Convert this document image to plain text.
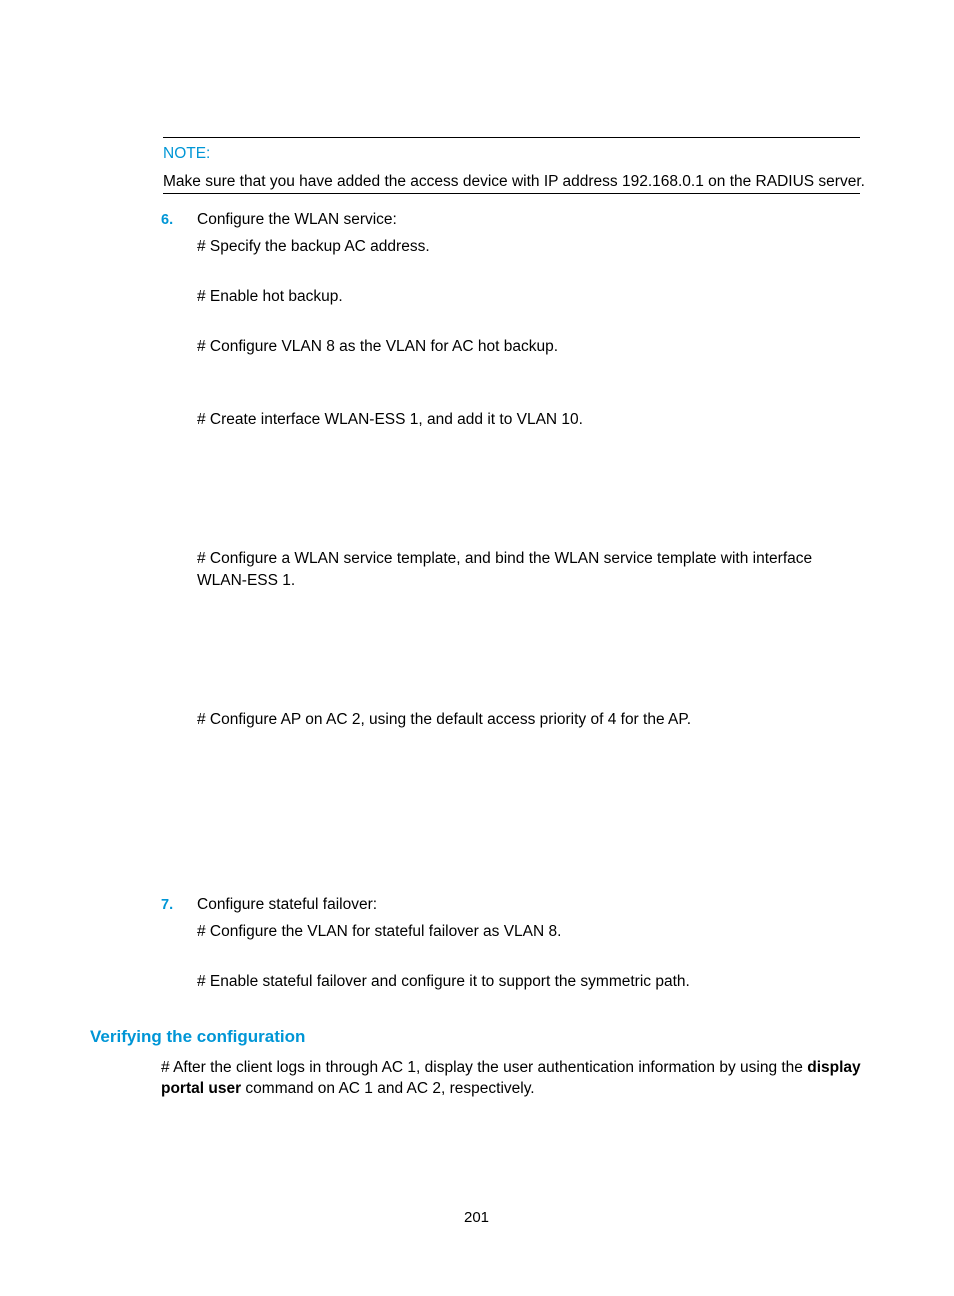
NOTE:
Make sure that you have added the access device with IP address 192.168.0.1 on the RADIUS server.
6. Configure the WLAN service:
# Specify the backup AC address.
# Enable hot backup.
# Configure VLAN 8 as the VLAN for AC hot backup.
# Create interface WLAN-ESS 1, and add it to VLAN 10.
# Configure a WLAN service template, and bind the WLAN service template with interface
WLAN-ESS 1.
# Configure AP on AC 2, using the default access priority of 4 for the AP.
7. Configure stateful failover:
# Configure the VLAN for stateful failover as VLAN 8.
# Enable stateful failover and configure it to support the symmetric path.
Verifying the configuration
# After the client logs in through AC 1, display the user authentication information by using the display
portal user command on AC 1 and AC 2, respectively.
201
